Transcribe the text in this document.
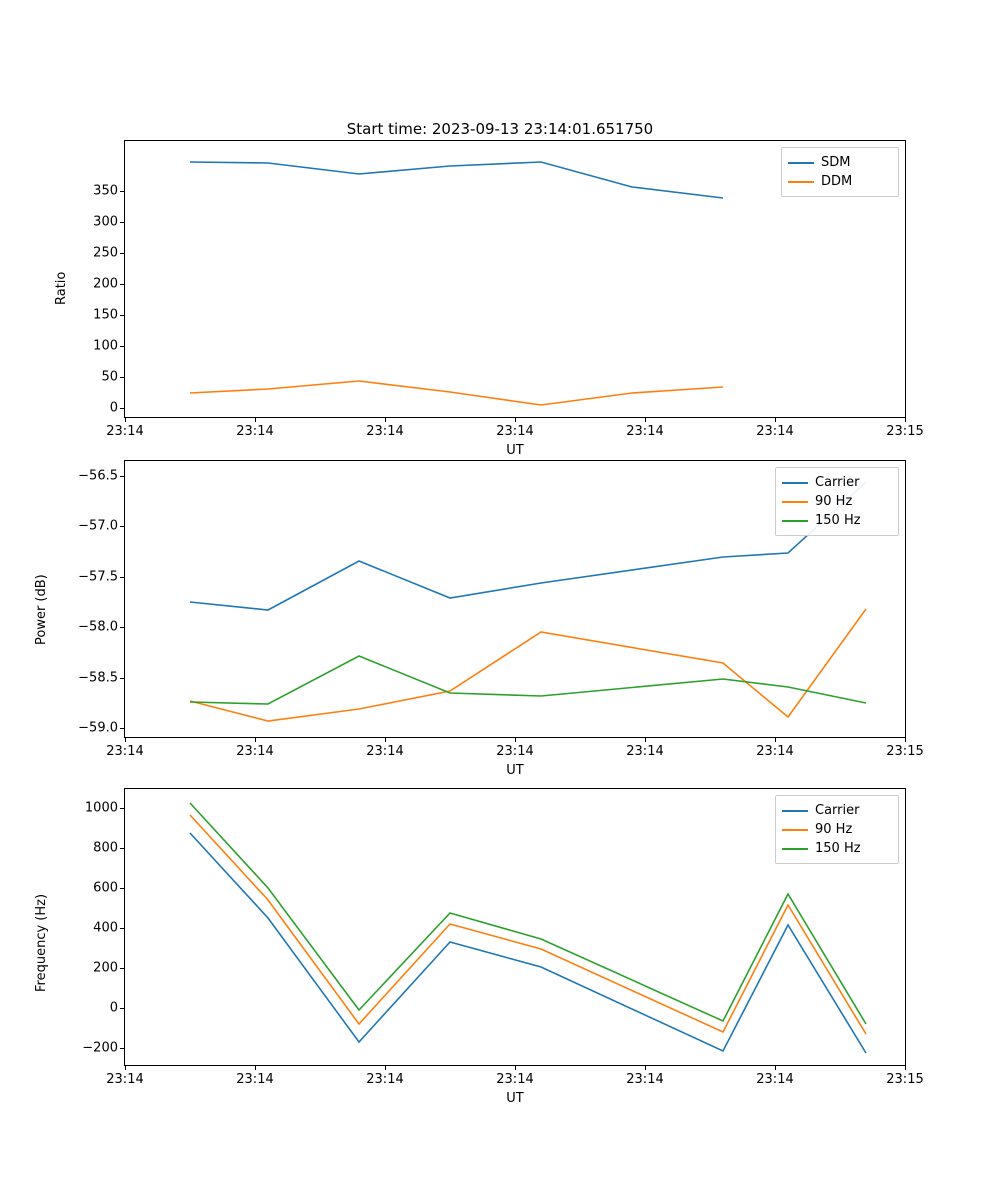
Start time: 2023-09-13 23:14:01.651750
SDM
DDM
0
50
100
150
200
250
300
350
23:14	23:14	23:14	23:14	23:14	23:14	23:15
UT
Ratio
Carrier
90 Hz
150 Hz
−59.0
−58.5
−58.0
−57.5
−57.0
−56.5
23:14	23:14	23:14	23:14	23:14	23:14	23:15
UT
Power (dB)
Carrier
90 Hz
150 Hz
−200
0
200
400
600
800
1000
23:14	23:14	23:14	23:14	23:14	23:14	23:15
UT
Frequency (Hz)
